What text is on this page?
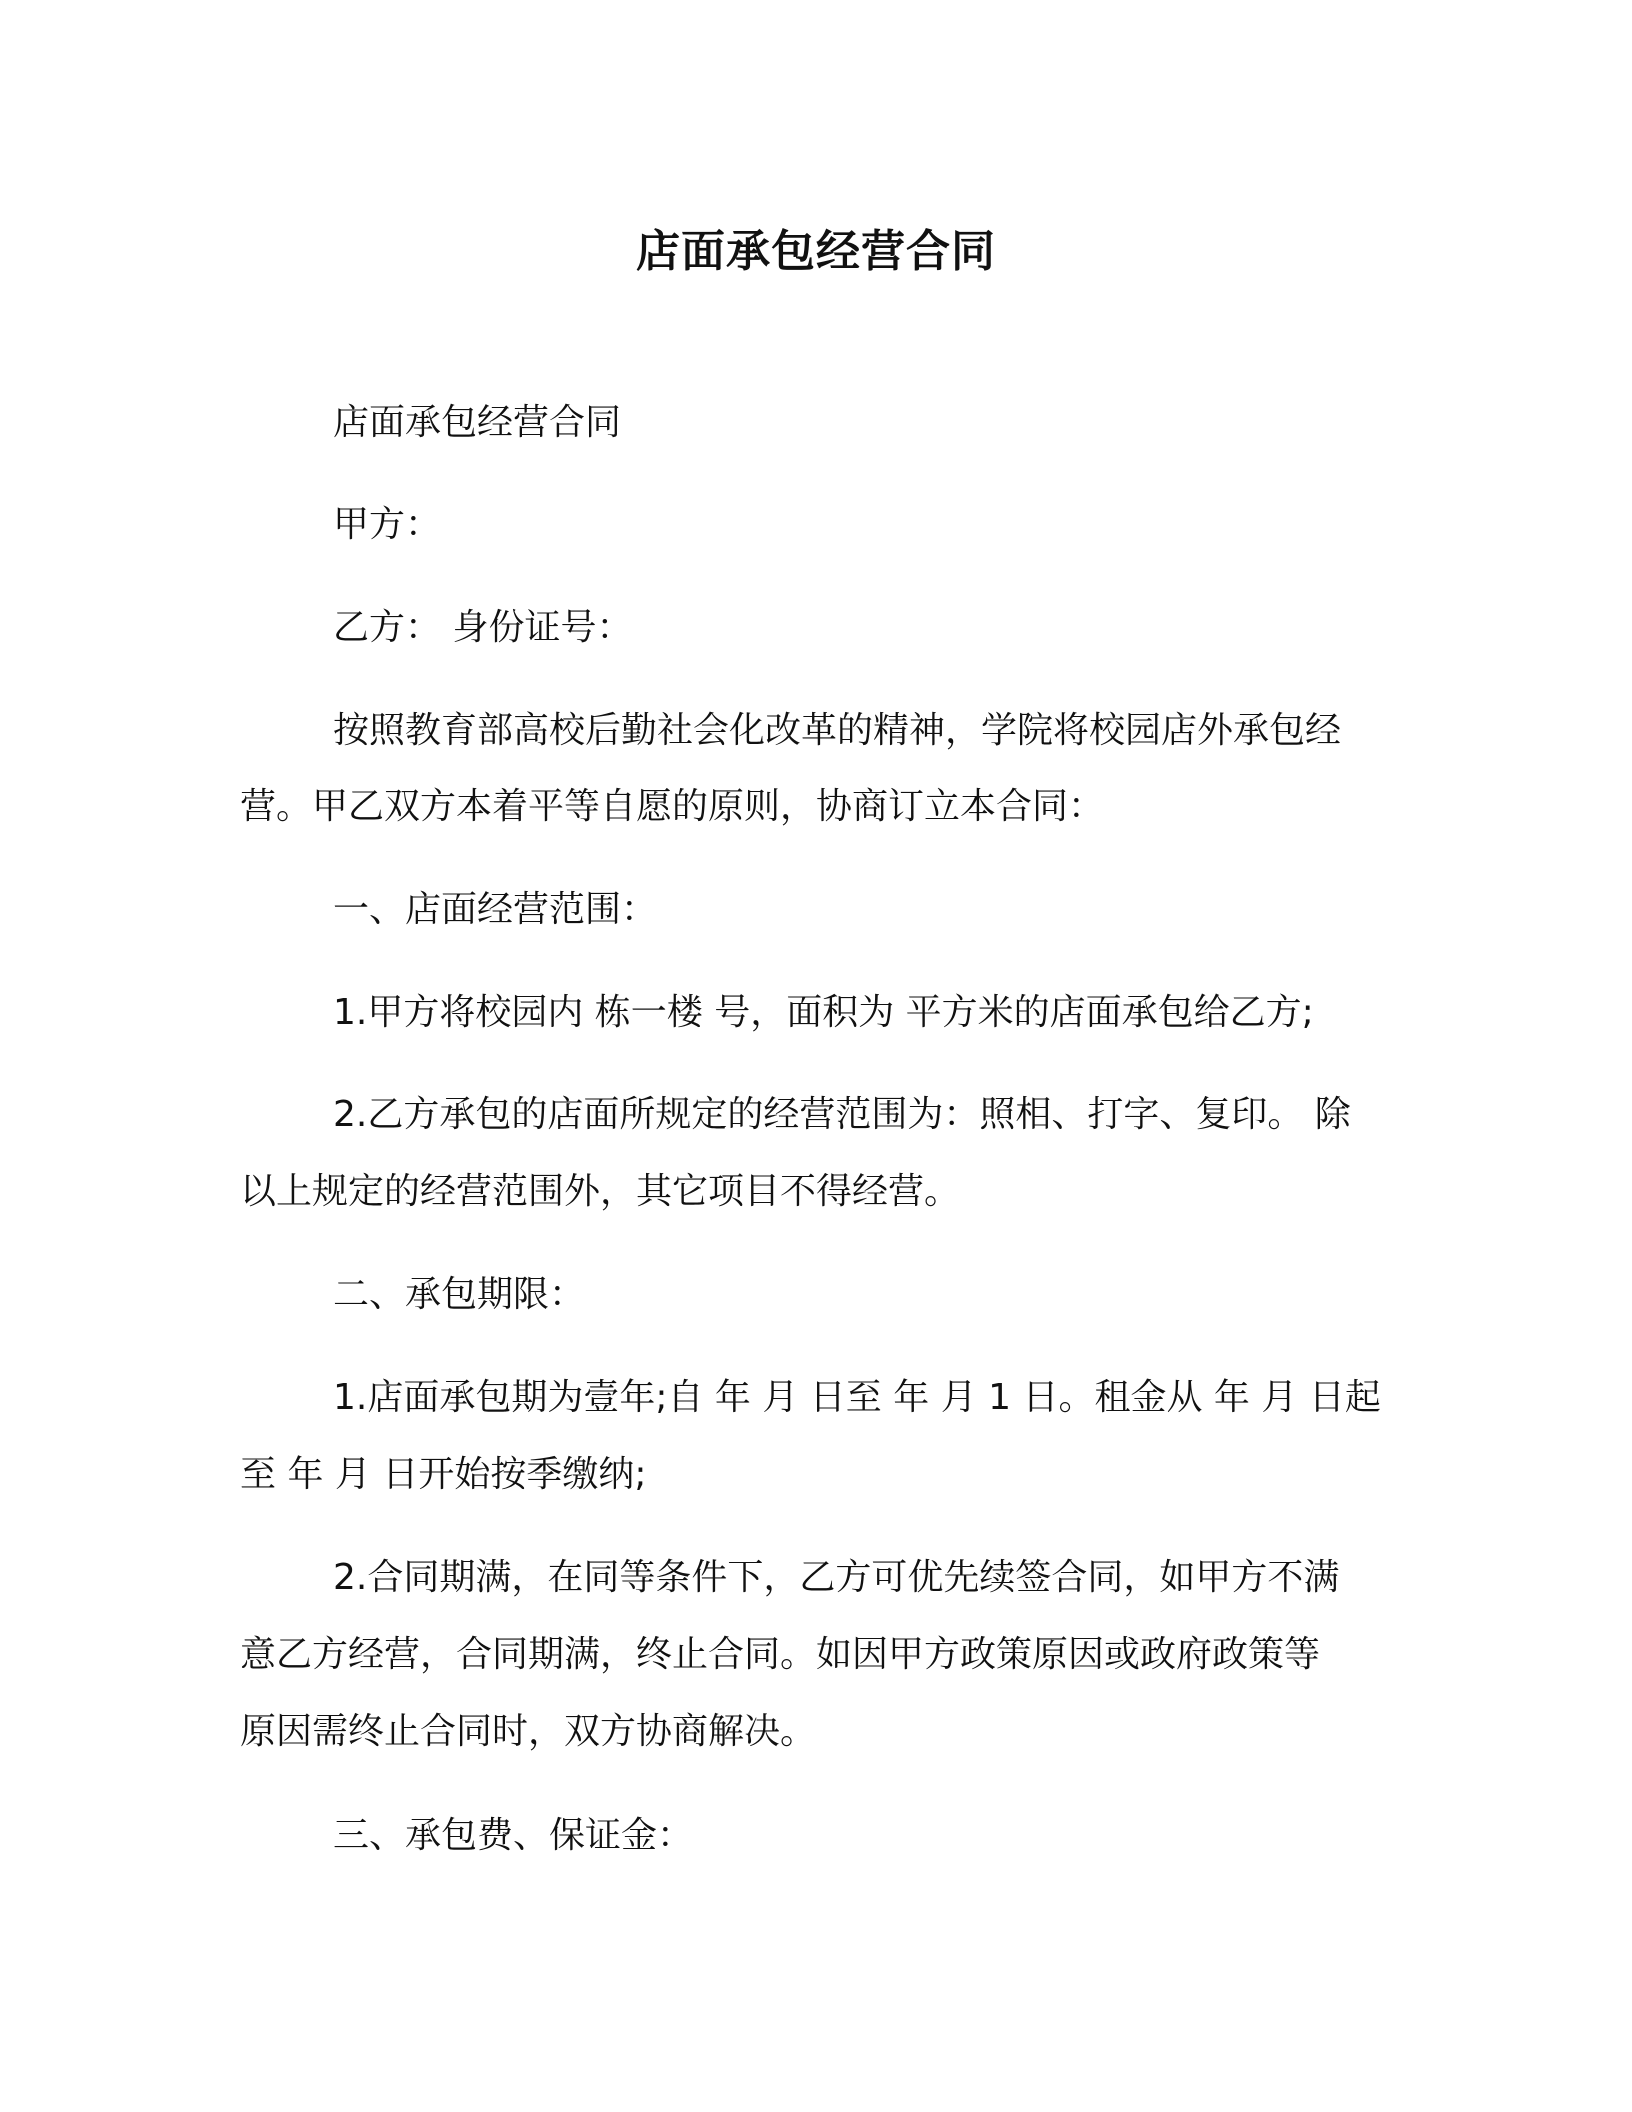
店面承包经营合同
店面承包经营合同
甲方：
乙方： 身份证号：
按照教育部高校后勤社会化改革的精神，学院将校园店外承包经
营。甲乙双方本着平等自愿的原则，协商订立本合同：
一、店面经营范围：
1.甲方将校园内 栋一楼 号，面积为 平方米的店面承包给乙方;
2.乙方承包的店面所规定的经营范围为：照相、打字、复印。 除
以上规定的经营范围外，其它项目不得经营。
二、承包期限：
1.店面承包期为壹年;自 年 月 日至 年 月 1 日。租金从 年 月 日起
至 年 月 日开始按季缴纳;
2.合同期满，在同等条件下，乙方可优先续签合同，如甲方不满
意乙方经营，合同期满，终止合同。如因甲方政策原因或政府政策等
原因需终止合同时，双方协商解决。
三、承包费、保证金：
